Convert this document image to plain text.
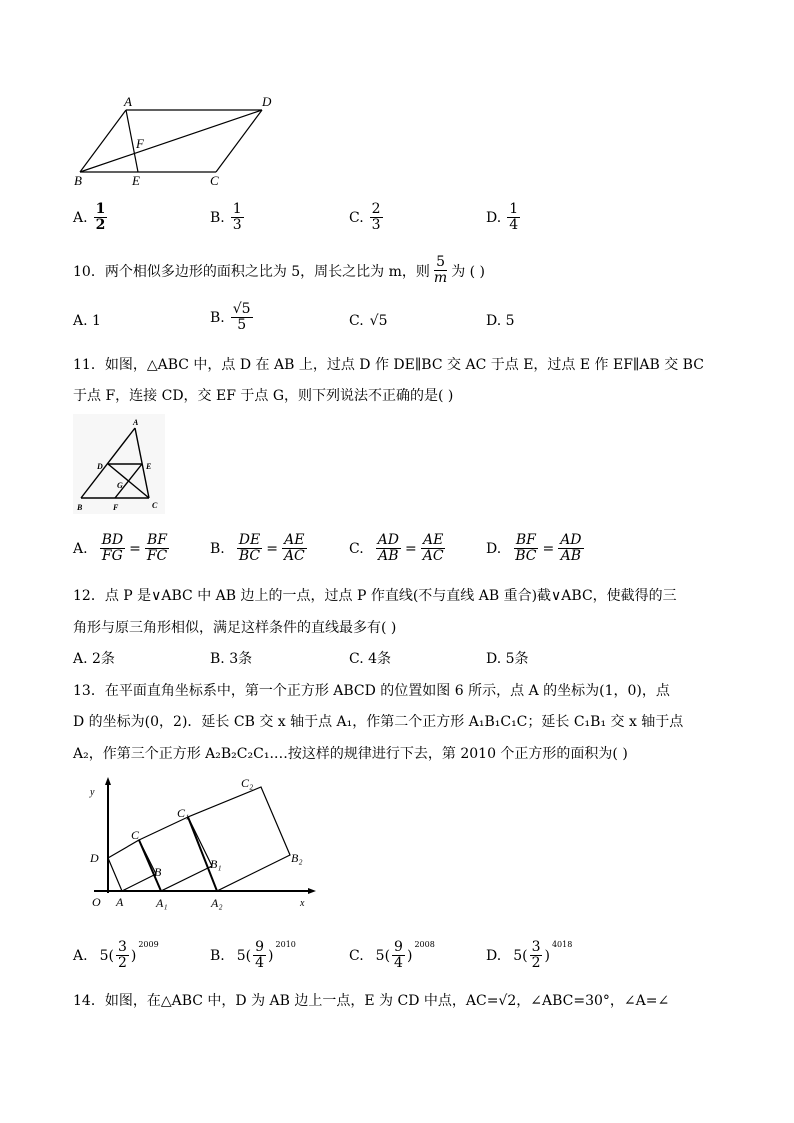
A	D
F
B	E	C
A. $\frac{1}{2}$	B. $\frac{1}{3}$	C. $\frac{2}{3}$	D. $\frac{1}{4}$
10．两个相似多边形的面积之比为 5，周长之比为 m，则 $\frac{5}{m}$ 为 ( )
A. 1	B. $\frac{√5}{5}$	C. √5	D. 5
11．如图，△ABC 中，点 D 在 AB 上，过点 D 作 DE∥BC 交 AC 于点 E，过点 E 作 EF∥AB 交 BC
于点 F，连接 CD，交 EF 于点 G，则下列说法不正确的是( )
A
D	E
G
B	F	C
A. $\frac{BD}{FG} = \frac{BF}{FC}$	B. $\frac{DE}{BC} = \frac{AE}{AC}$	C. $\frac{AD}{AB} = \frac{AE}{AC}$	D. $\frac{BF}{BC} = \frac{AD}{AB}$
12．点 P 是∨ABC 中 AB 边上的一点，过点 P 作直线(不与直线 AB 重合)截∨ABC，使截得的三
角形与原三角形相似，满足这样条件的直线最多有( )
A. 2条	B. 3条	C. 4条	D. 5条
13．在平面直角坐标系中，第一个正方形 ABCD 的位置如图 6 所示，点 A 的坐标为(1，0)，点
D 的坐标为(0，2)．延长 CB 交 x 轴于点 A₁，作第二个正方形 A₁B₁C₁C；延长 C₁B₁ 交 x 轴于点
A₂，作第三个正方形 A₂B₂C₂C₁.…按这样的规律进行下去，第 2010 个正方形的面积为( )
y
x
O A	A₁	A₂
B
B₁	B₂
C
C₁
C₂
D
A. $5( \frac{3}{2}$ )
$^{2009}$
B. $5( \frac{9}{4}$ )
$^{2010}$
C. $5( \frac{9}{4}$ )
$^{2008}$
D. $5( \frac{3}{2}$ )
$^{4018}$
14．如图，在△ABC 中，D 为 AB 边上一点，E 为 CD 中点，AC=√2，∠ABC=30°，∠A=∠
